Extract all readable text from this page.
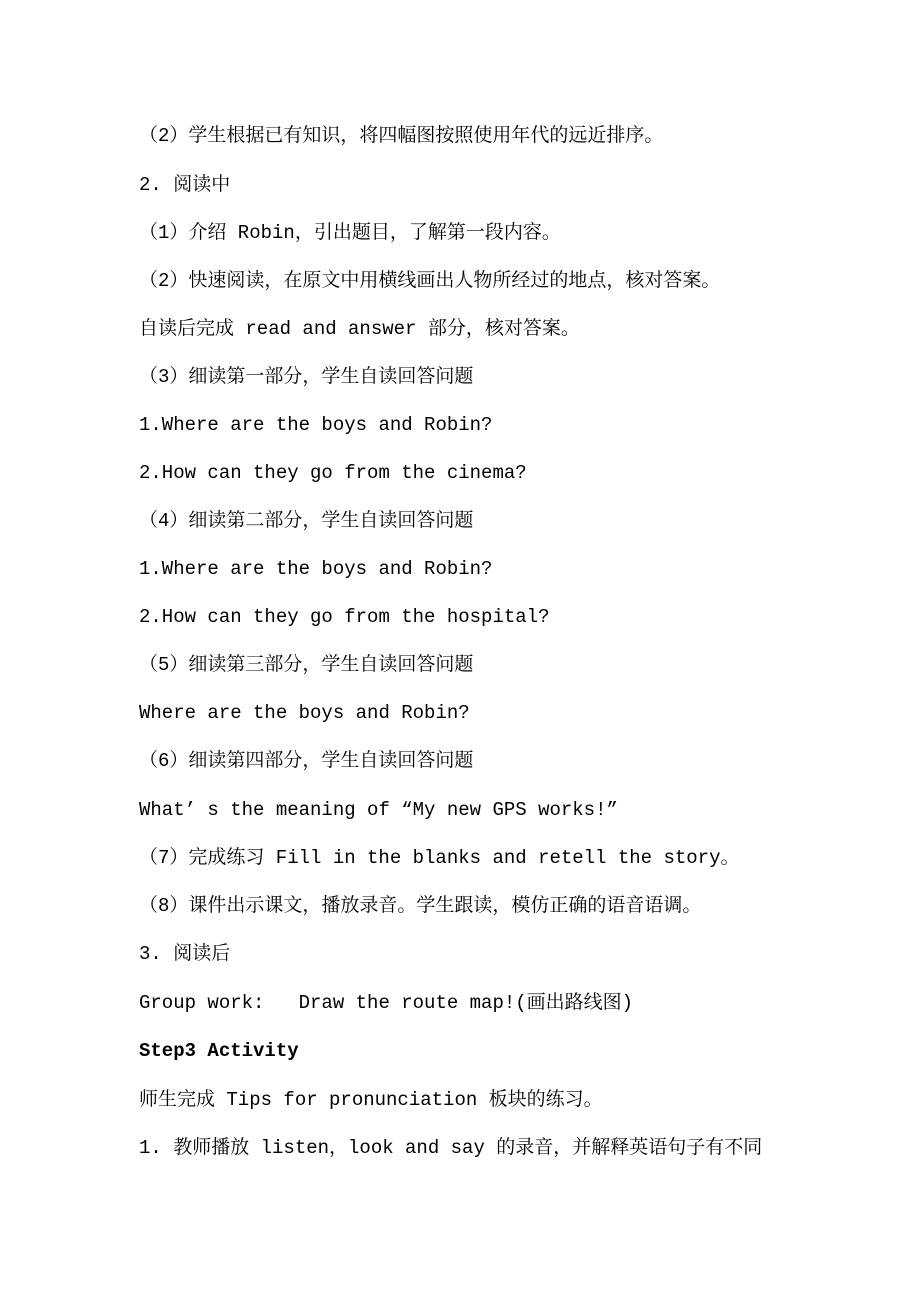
（2）学生根据已有知识，将四幅图按照使用年代的远近排序。
2. 阅读中
（1）介绍 Robin，引出题目，了解第一段内容。
（2）快速阅读，在原文中用横线画出人物所经过的地点，核对答案。
自读后完成 read and answer 部分，核对答案。
（3）细读第一部分，学生自读回答问题
1.Where are the boys and Robin?
2.How can they go from the cinema?
（4）细读第二部分，学生自读回答问题
1.Where are the boys and Robin?
2.How can they go from the hospital?
（5）细读第三部分，学生自读回答问题
Where are the boys and Robin?
（6）细读第四部分，学生自读回答问题
What’ s the meaning of “My new GPS works!”
（7）完成练习 Fill in the blanks and retell the story。
（8）课件出示课文，播放录音。学生跟读，模仿正确的语音语调。
3. 阅读后
Group work:   Draw the route map!(画出路线图)
Step3 Activity
师生完成 Tips for pronunciation 板块的练习。
1. 教师播放 listen，look and say 的录音，并解释英语句子有不同
